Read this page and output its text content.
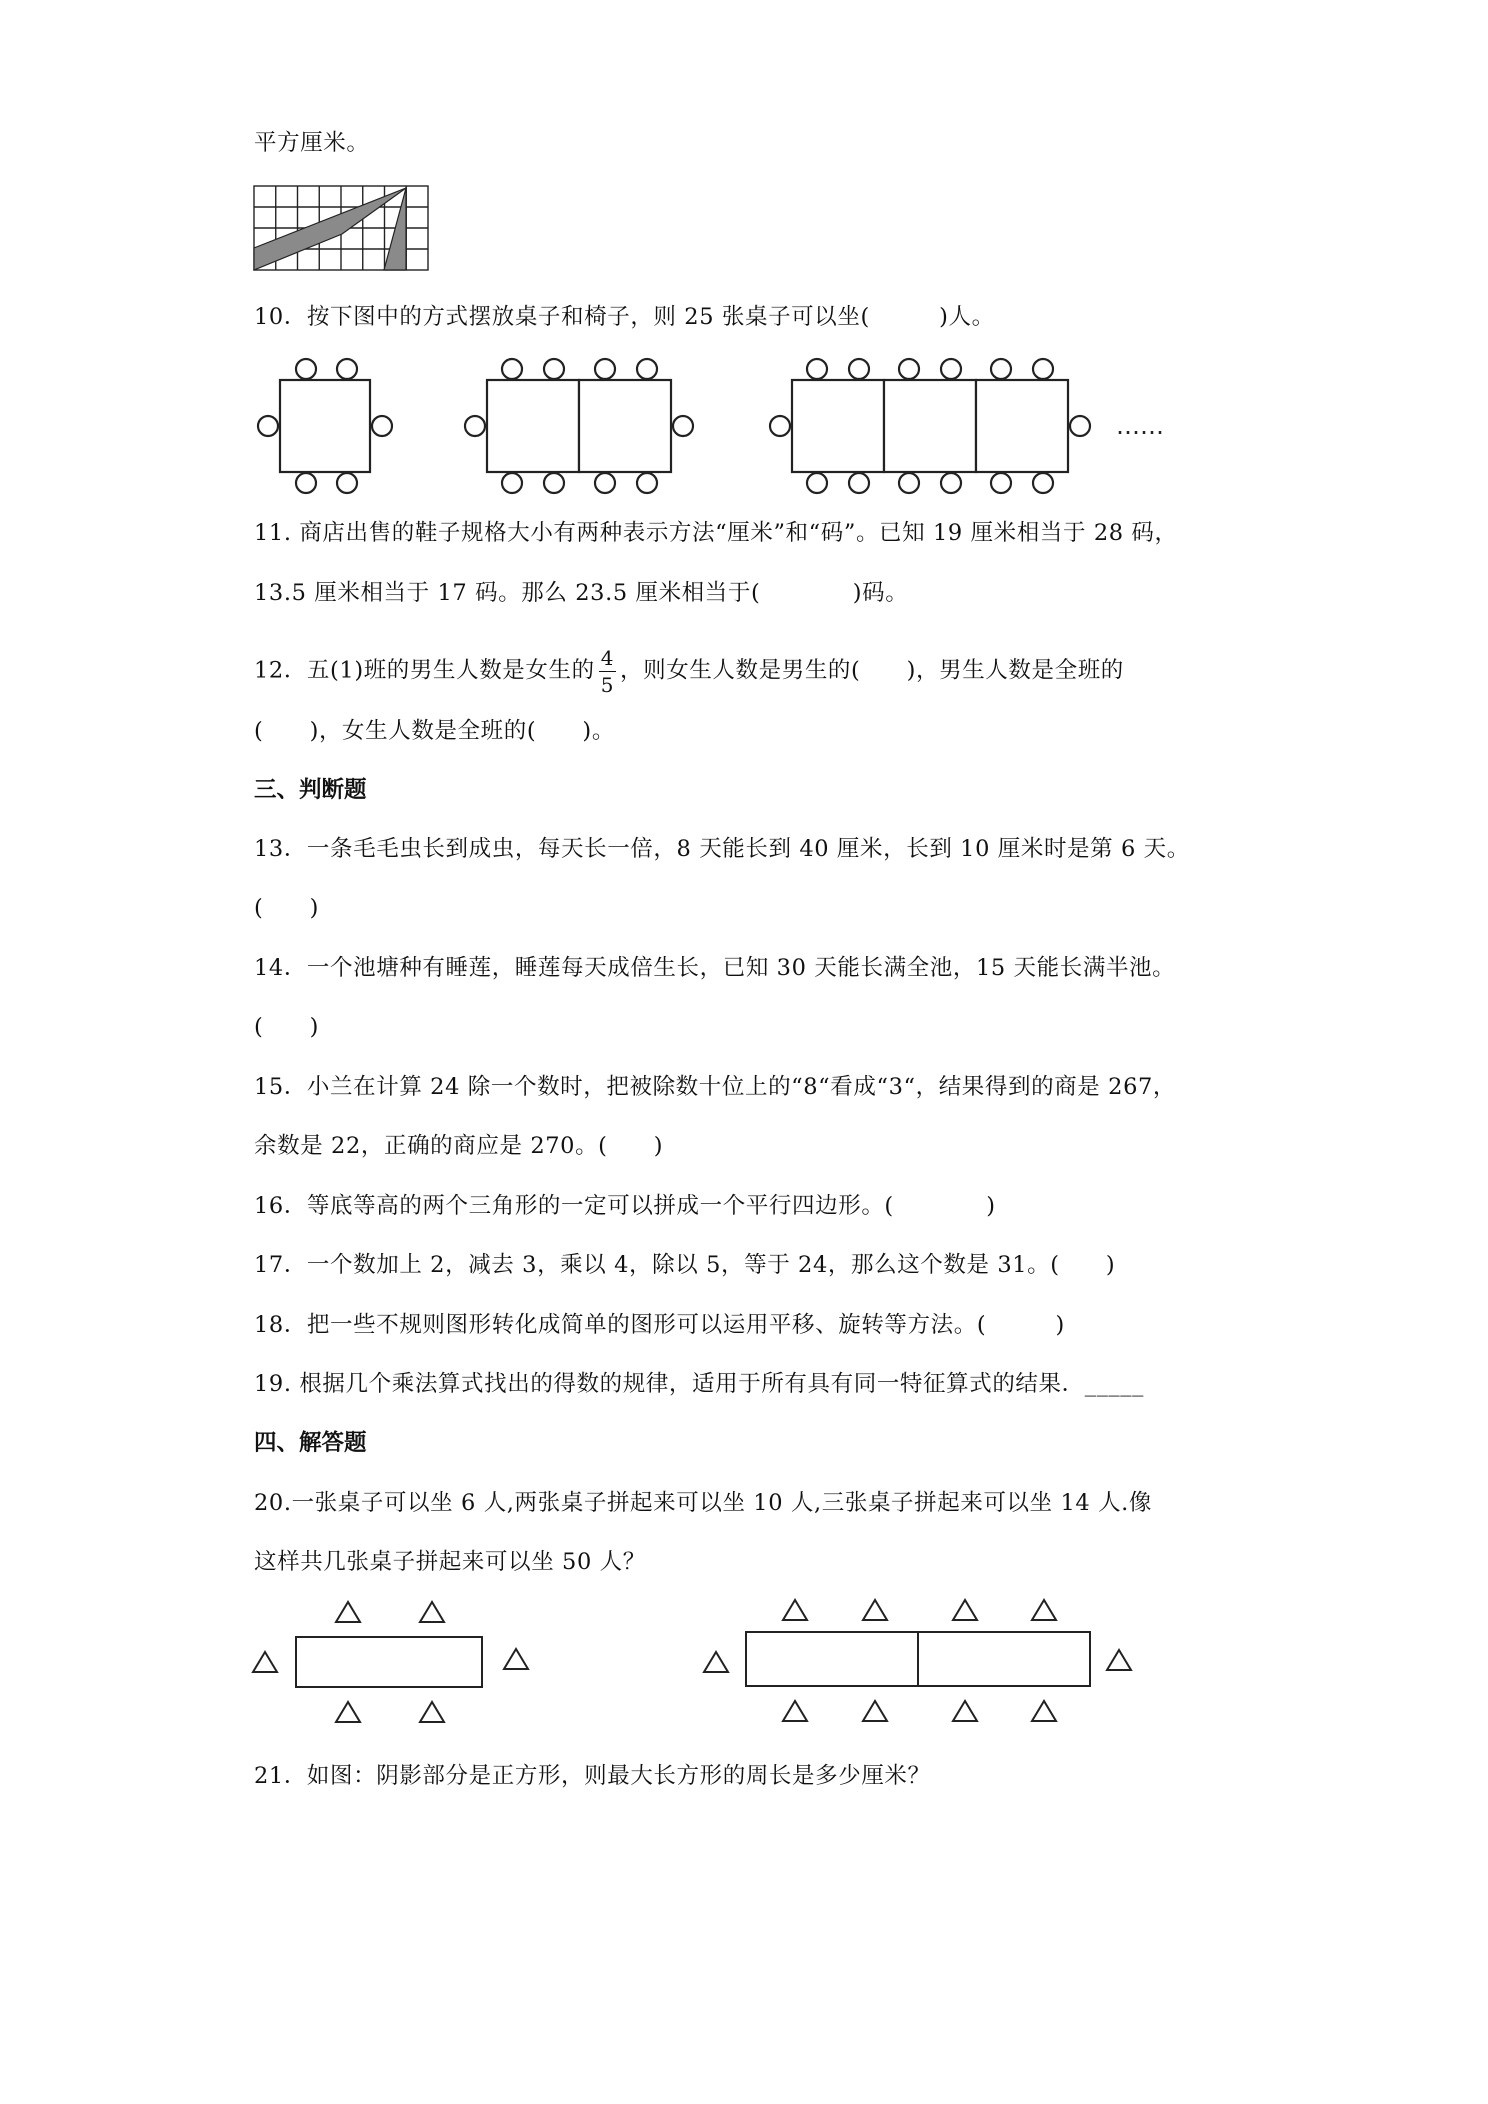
平方厘米。
10．按下图中的方式摆放桌子和椅子，则 25 张桌子可以坐(　　　)人。
……
11. 商店出售的鞋子规格大小有两种表示方法“厘米”和“码”。已知 19 厘米相当于 28 码，
13.5 厘米相当于 17 码。那么 23.5 厘米相当于(　　　　)码。
12．五(1)班的男生人数是女生的 $\frac{4}{5}$ ，则女生人数是男生的(　　)，男生人数是全班的
(　　)，女生人数是全班的(　　)。
三、判断题
13．一条毛毛虫长到成虫，每天长一倍，8 天能长到 40 厘米，长到 10 厘米时是第 6 天。
(　　)
14．一个池塘种有睡莲，睡莲每天成倍生长，已知 30 天能长满全池，15 天能长满半池。
(　　)
15．小兰在计算 24 除一个数时，把被除数十位上的“8“看成“3“，结果得到的商是 267，
余数是 22，正确的商应是 270。(　　)
16．等底等高的两个三角形的一定可以拼成一个平行四边形。(　　　　)
17．一个数加上 2，减去 3，乘以 4，除以 5，等于 24，那么这个数是 31。(　　)
18．把一些不规则图形转化成简单的图形可以运用平移、旋转等方法。(　　　)
19. 根据几个乘法算式找出的得数的规律，适用于所有具有同一特征算式的结果．_____
四、解答题
20.一张桌子可以坐 6 人,两张桌子拼起来可以坐 10 人,三张桌子拼起来可以坐 14 人.像
这样共几张桌子拼起来可以坐 50 人？
21．如图：阴影部分是正方形，则最大长方形的周长是多少厘米？
